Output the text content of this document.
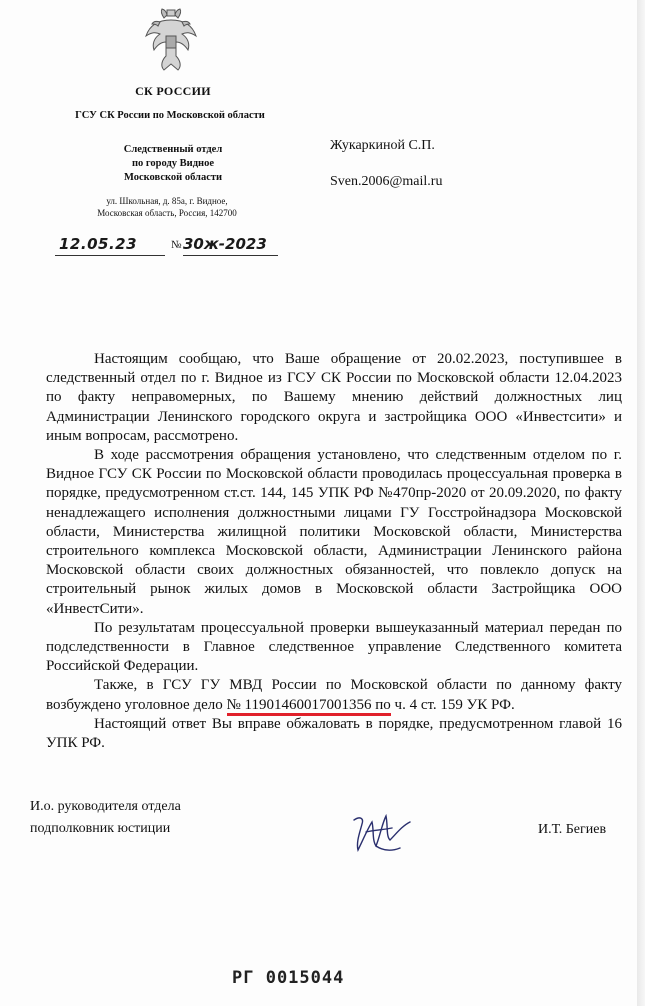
СК РОССИИ
ГСУ СК России по Московской области
Следственный отдел
по городу Видное
Московской области
ул. Школьная, д. 85а, г. Видное,
Московская область, Россия, 142700
Жукаркиной С.П.
Sven.2006@mail.ru
12.05.23	№ 30ж-2023

Настоящим сообщаю, что Ваше обращение от 20.02.2023, поступившее в следственный отдел по г. Видное из ГСУ СК России по Московской области 12.04.2023 по факту неправомерных, по Вашему мнению действий должностных лиц Администрации Ленинского городского округа и застройщика ООО «Инвестсити» и иным вопросам, рассмотрено.

В ходе рассмотрения обращения установлено, что следственным отделом по г. Видное ГСУ СК России по Московской области проводилась процессуальная проверка в порядке, предусмотренном ст.ст. 144, 145 УПК РФ №470пр-2020 от 20.09.2020, по факту ненадлежащего исполнения должностными лицами ГУ Госстройнадзора Московской области, Министерства жилищной политики Московской области, Министерства строительного комплекса Московской области, Администрации Ленинского района Московской области своих должностных обязанностей, что повлекло допуск на строительный рынок жилых домов в Московской области Застройщика ООО «ИнвестСити».

По результатам процессуальной проверки вышеуказанный материал передан по подследственности в Главное следственное управление Следственного комитета Российской Федерации.

Также, в ГСУ ГУ МВД России по Московской области по данному факту возбуждено уголовное дело № 11901460017001356 по ч. 4 ст. 159 УК РФ.

Настоящий ответ Вы вправе обжаловать в порядке, предусмотренном главой 16 УПК РФ.

И.о. руководителя отдела
подполковник юстиции	И.Т. Бегиев
РГ 0015044
